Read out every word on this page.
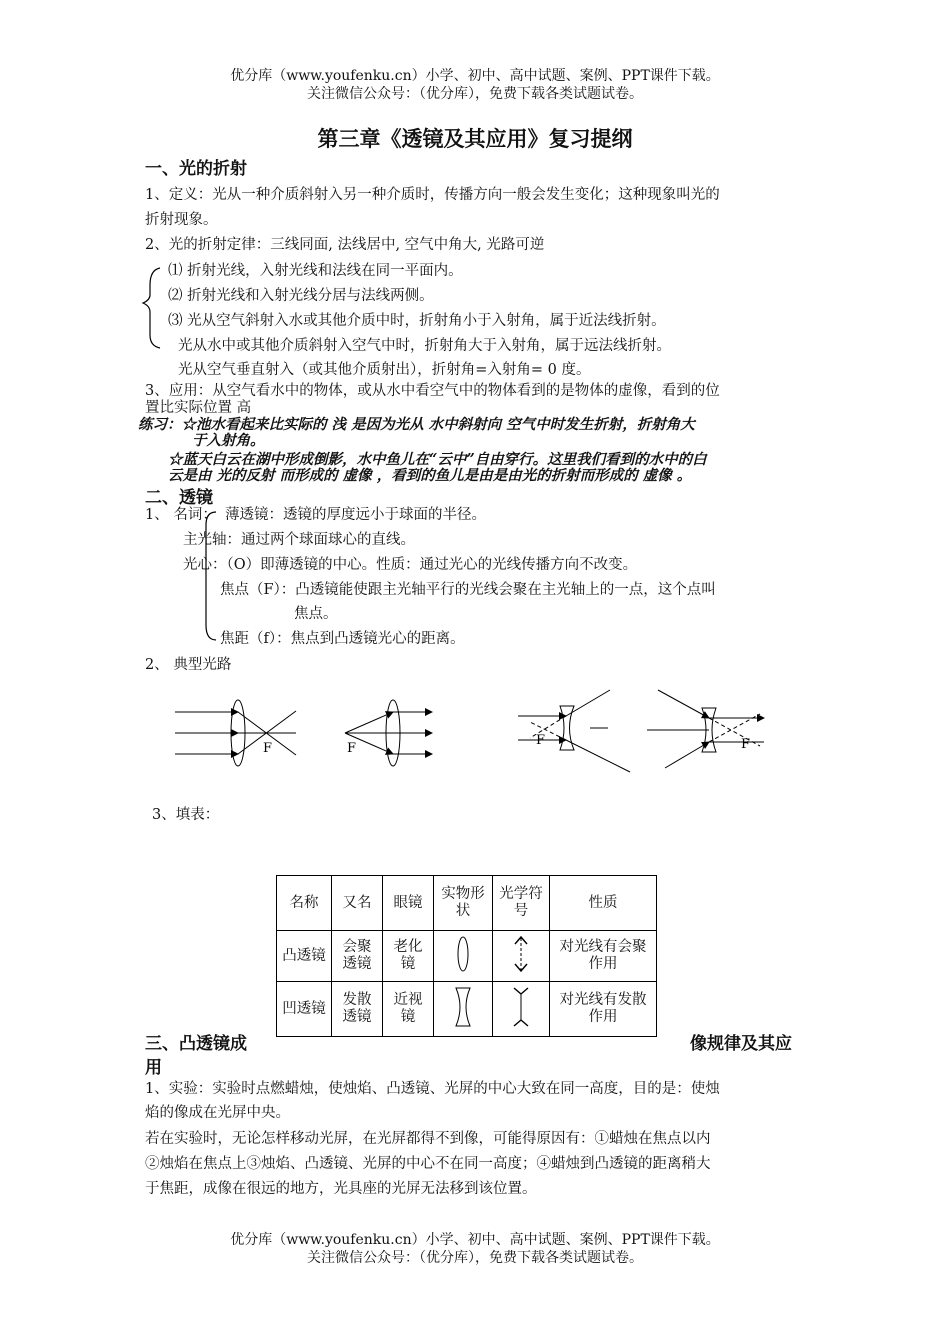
优分库（www.youfenku.cn）小学、初中、高中试题、案例、PPT课件下载。
关注微信公众号：（优分库），免费下载各类试题试卷。
第三章《透镜及其应用》复习提纲
一、光的折射
1、定义：光从一种介质斜射入另一种介质时，传播方向一般会发生变化；这种现象叫光的
折射现象。
2、光的折射定律：三线同面, 法线居中, 空气中角大, 光路可逆
⑴ 折射光线，入射光线和法线在同一平面内。
⑵ 折射光线和入射光线分居与法线两侧。
⑶ 光从空气斜射入水或其他介质中时，折射角小于入射角，属于近法线折射。
光从水中或其他介质斜射入空气中时，折射角大于入射角，属于远法线折射。
光从空气垂直射入（或其他介质射出），折射角=入射角= 0 度。
3、应用：从空气看水中的物体，或从水中看空气中的物体看到的是物体的虚像，看到的位
置比实际位置 高
练习：☆池水看起来比实际的 浅 是因为光从 水中斜射向 空气中时发生折射，折射角大
于入射角。
☆蓝天白云在湖中形成倒影，水中鱼儿在“云中”自由穿行。这里我们看到的水中的白
云是由 光的反射 而形成的 虚像 ，看到的鱼儿是由是由光的折射而形成的 虚像 。
二、透镜
1、 名词： 薄透镜：透镜的厚度远小于球面的半径。
主光轴：通过两个球面球心的直线。
光心：（O）即薄透镜的中心。性质：通过光心的光线传播方向不改变。
焦点（F）：凸透镜能使跟主光轴平行的光线会聚在主光轴上的一点，这个点叫
焦点。
焦距（f）：焦点到凸透镜光心的距离。
2、 典型光路
F	F
F	F
3、填表：
名称	又名	眼镜	实物形状	光学符号	性质
凸透镜	会聚透镜	老化镜			对光线有会聚作用
凹透镜	发散透镜	近视镜			对光线有发散作用
三、凸透镜成	像规律及其应
用
1、实验：实验时点燃蜡烛，使烛焰、凸透镜、光屏的中心大致在同一高度，目的是：使烛
焰的像成在光屏中央。
若在实验时，无论怎样移动光屏，在光屏都得不到像，可能得原因有：①蜡烛在焦点以内
②烛焰在焦点上③烛焰、凸透镜、光屏的中心不在同一高度；④蜡烛到凸透镜的距离稍大
于焦距，成像在很远的地方，光具座的光屏无法移到该位置。
优分库（www.youfenku.cn）小学、初中、高中试题、案例、PPT课件下载。
关注微信公众号：（优分库），免费下载各类试题试卷。
